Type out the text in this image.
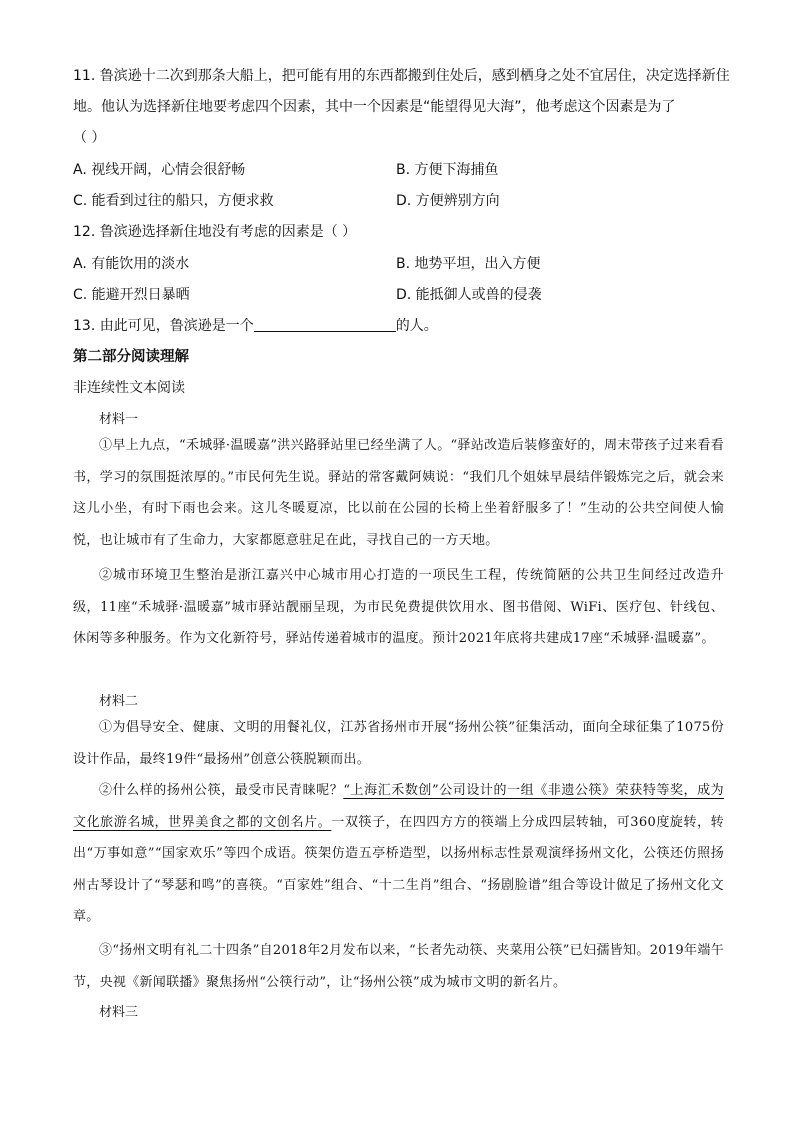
11. 鲁滨逊十二次到那条大船上，把可能有用的东西都搬到住处后，感到栖身之处不宜居住，决定选择新住
地。他认为选择新住地要考虑四个因素，其中一个因素是“能望得见大海”，他考虑这个因素是为了
（ ）
A. 视线开阔，心情会很舒畅	B. 方便下海捕鱼
C. 能看到过往的船只，方便求救	D. 方便辨别方向
12. 鲁滨逊选择新住地没有考虑的因素是（ ）
A. 有能饮用的淡水	B. 地势平坦，出入方便
C. 能避开烈日暴晒	D. 能抵御人或兽的侵袭
13. 由此可见，鲁滨逊是一个	的人。
第二部分阅读理解
非连续性文本阅读
材料一
①早上九点，“禾城驿·温暖嘉”洪兴路驿站里已经坐满了人。“驿站改造后装修蛮好的，周末带孩子过来看看书，学习的氛围挺浓厚的。”市民何先生说。驿站的常客戴阿姨说：“我们几个姐妹早晨结伴锻炼完之后，就会来这儿小坐，有时下雨也会来。这儿冬暖夏凉，比以前在公园的长椅上坐着舒服多了！”生动的公共空间使人愉悦，也让城市有了生命力，大家都愿意驻足在此，寻找自己的一方天地。
②城市环境卫生整治是浙江嘉兴中心城市用心打造的一项民生工程，传统简陋的公共卫生间经过改造升级，11座“禾城驿·温暖嘉”城市驿站靓丽呈现，为市民免费提供饮用水、图书借阅、WiFi、医疗包、针线包、休闲等多种服务。作为文化新符号，驿站传递着城市的温度。预计2021年底将共建成17座“禾城驿·温暖嘉”。
材料二
①为倡导安全、健康、文明的用餐礼仪，江苏省扬州市开展“扬州公筷”征集活动，面向全球征集了1075份设计作品，最终19件“最扬州”创意公筷脱颖而出。
②什么样的扬州公筷，最受市民青睐呢？“上海汇禾数创”公司设计的一组《非遗公筷》荣获特等奖，成为文化旅游名城，世界美食之都的文创名片。一双筷子，在四四方方的筷端上分成四层转轴，可360度旋转，转出“万事如意”“国家欢乐”等四个成语。筷架仿造五亭桥造型，以扬州标志性景观演绎扬州文化，公筷还仿照扬州古琴设计了“琴瑟和鸣”的喜筷。“百家姓”组合、“十二生肖”组合、“扬剧脸谱”组合等设计做足了扬州文化文章。
③“扬州文明有礼二十四条”自2018年2月发布以来，“长者先动筷、夹菜用公筷”已妇孺皆知。2019年端午节，央视《新闻联播》聚焦扬州“公筷行动”，让“扬州公筷”成为城市文明的新名片。
材料三
